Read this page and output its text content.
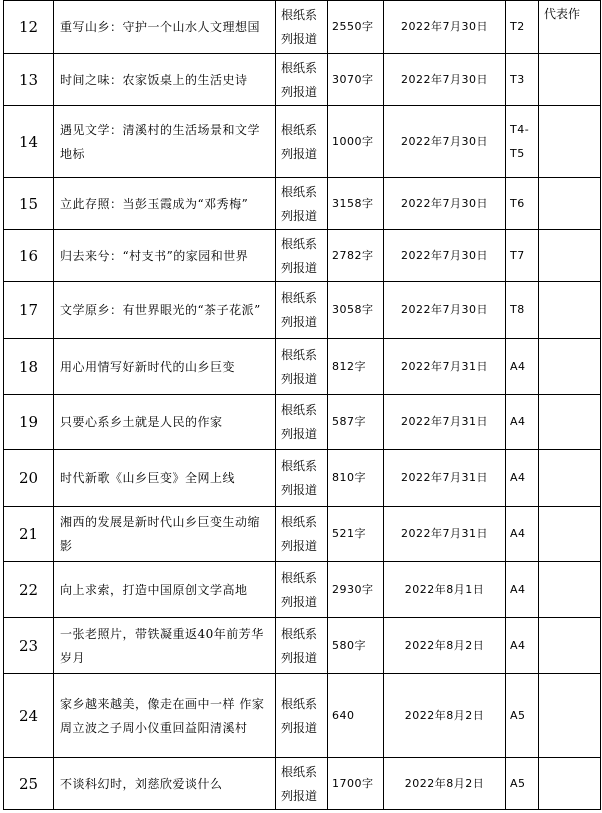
12	重写山乡：守护一个山水人文理想国	根纸系列报道	2550字	2022年7月30日	T2	代表作
13	时间之味：农家饭桌上的生活史诗	根纸系列报道	3070字	2022年7月30日	T3	
14	遇见文学：清溪村的生活场景和文学地标	根纸系列报道	1000字	2022年7月30日	T4-T5	
15	立此存照：当彭玉霞成为“邓秀梅”	根纸系列报道	3158字	2022年7月30日	T6	
16	归去来兮：“村支书”的家园和世界	根纸系列报道	2782字	2022年7月30日	T7	
17	文学原乡：有世界眼光的“茶子花派”	根纸系列报道	3058字	2022年7月30日	T8	
18	用心用情写好新时代的山乡巨变	根纸系列报道	812字	2022年7月31日	A4	
19	只要心系乡土就是人民的作家	根纸系列报道	587字	2022年7月31日	A4	
20	时代新歌《山乡巨变》全网上线	根纸系列报道	810字	2022年7月31日	A4	
21	湘西的发展是新时代山乡巨变生动缩影	根纸系列报道	521字	2022年7月31日	A4	
22	向上求索，打造中国原创文学高地	根纸系列报道	2930字	2022年8月1日	A4	
23	一张老照片，带铁凝重返40年前芳华岁月	根纸系列报道	580字	2022年8月2日	A4	
24	家乡越来越美，像走在画中一样 作家周立波之子周小仪重回益阳清溪村	根纸系列报道	640	2022年8月2日	A5	
25	不谈科幻时，刘慈欣爱谈什么	根纸系列报道	1700字	2022年8月2日	A5	
